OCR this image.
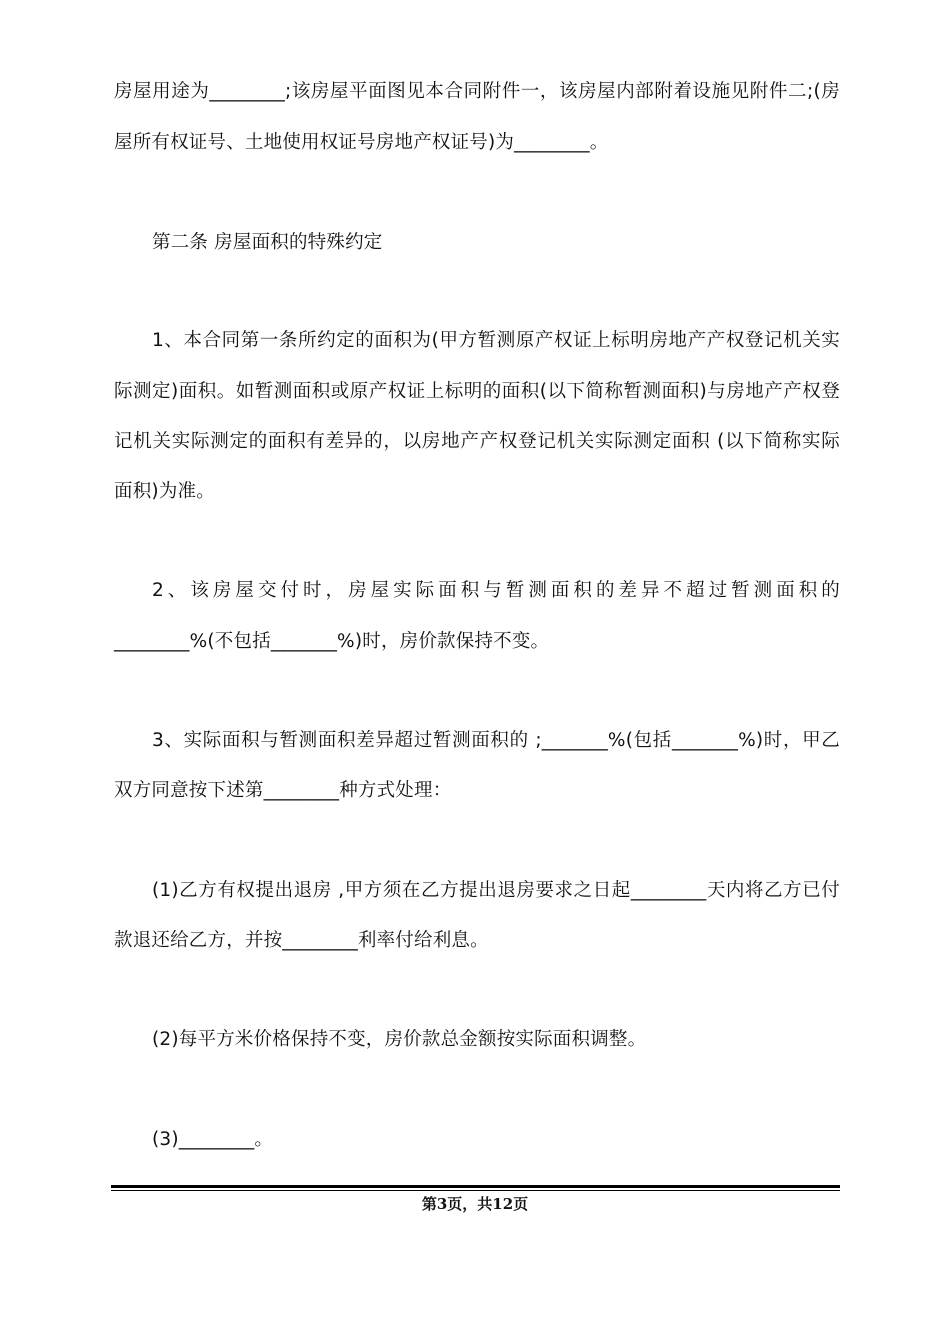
房屋用途为________;该房屋平面图见本合同附件一，该房屋内部附着设施见附件二;(房
屋所有权证号、土地使用权证号房地产权证号)为________。
第二条 房屋面积的特殊约定
1、本合同第一条所约定的面积为(甲方暂测原产权证上标明房地产产权登记机关实
际测定)面积。如暂测面积或原产权证上标明的面积(以下简称暂测面积)与房地产产权登
记机关实际测定的面积有差异的，以房地产产权登记机关实际测定面积 (以下简称实际
面积)为准。
2、该房屋交付时，房屋实际面积与暂测面积的差异不超过暂测面积的
________%(不包括_______%)时，房价款保持不变。
3、实际面积与暂测面积差异超过暂测面积的 ;_______%(包括_______%)时，甲乙
双方同意按下述第________种方式处理：
(1)乙方有权提出退房 ,甲方须在乙方提出退房要求之日起________天内将乙方已付
款退还给乙方，并按________利率付给利息。
(2)每平方米价格保持不变，房价款总金额按实际面积调整。
(3)________。
第3页，共12页
